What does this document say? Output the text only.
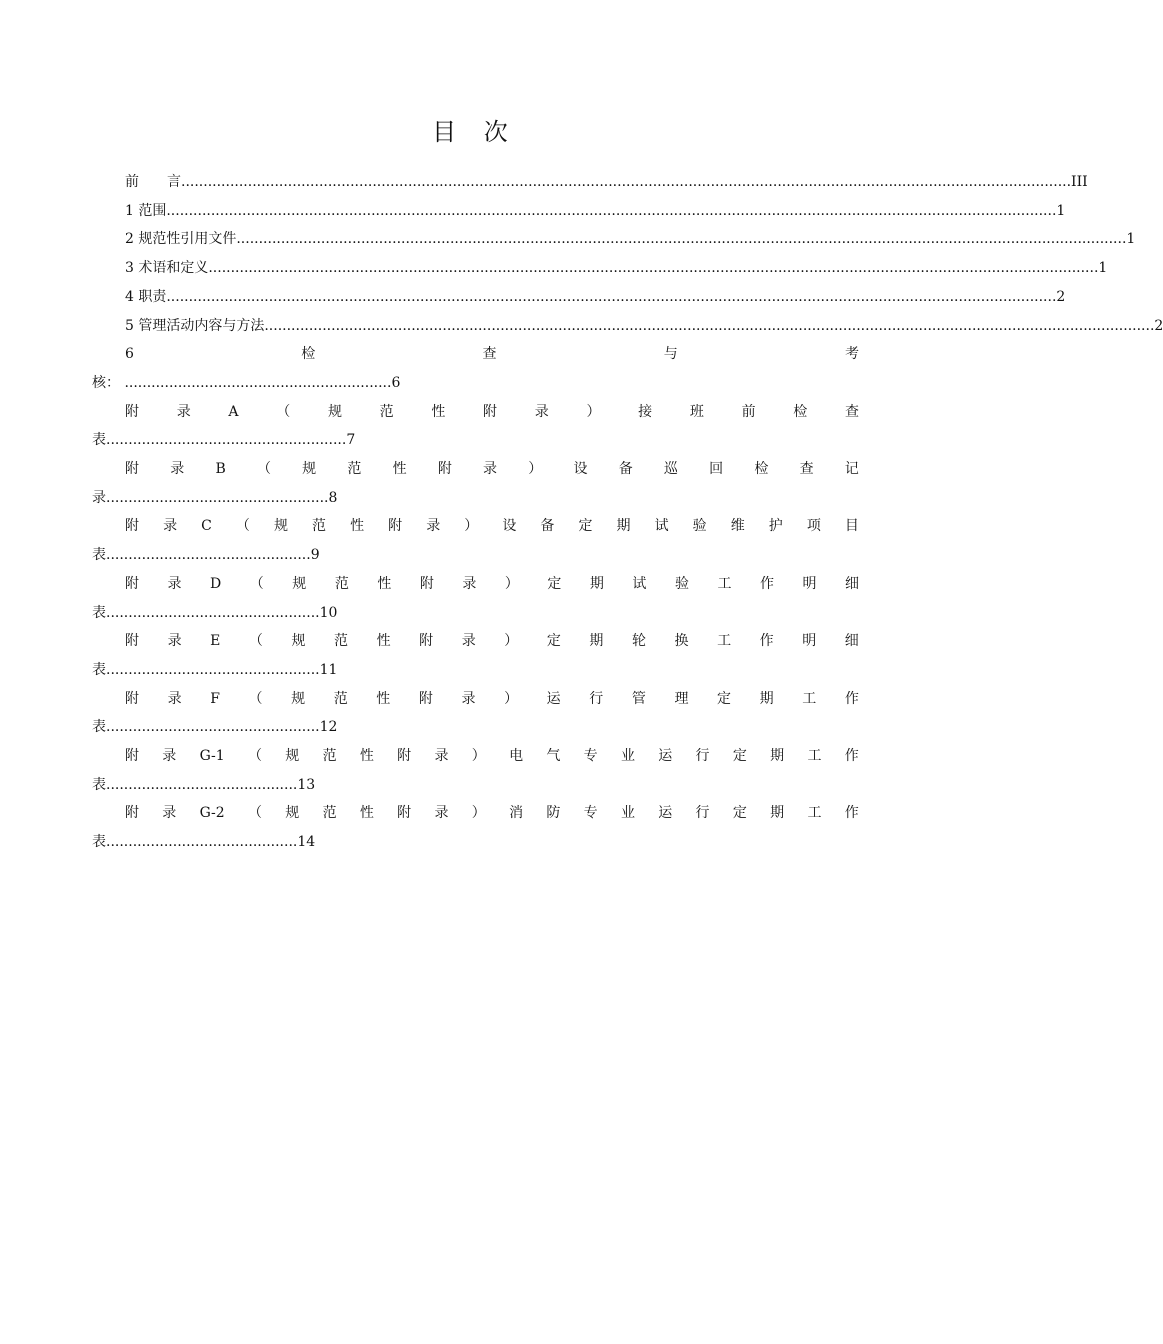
目 次
前　　言 ........................................................................................................................................................................................................ III
1 范围 ........................................................................................................................................................................................................ 1
2 规范性引用文件 ........................................................................................................................................................................................................ 1
3 术语和定义 ........................................................................................................................................................................................................ 1
4 职责 ........................................................................................................................................................................................................ 2
5 管理活动内容与方法 ........................................................................................................................................................................................................ 2
6	检	查	与	考
核： ............................................................6
附	录	A	（	规	范	性	附	录	）	接	班	前	检	查
表......................................................7
附 录 B （ 规 范 性 附 录 ） 设 备 巡 回 检 查 记
录..................................................8
附 录 C （ 规 范 性 附 录 ） 设 备 定 期 试 验 维 护 项 目
表..............................................9
附 录 D （ 规 范 性 附 录 ） 定 期 试 验 工 作 明 细
表................................................10
附 录 E （ 规 范 性 附 录 ） 定 期 轮 换 工 作 明 细
表................................................11
附 录 F （ 规 范 性 附 录 ） 运 行 管 理 定 期 工 作
表................................................12
附 录 G-1 （ 规 范 性 附 录 ） 电 气 专 业 运 行 定 期 工 作
表...........................................13
附 录 G-2 （ 规 范 性 附 录 ） 消 防 专 业 运 行 定 期 工 作
表...........................................14
